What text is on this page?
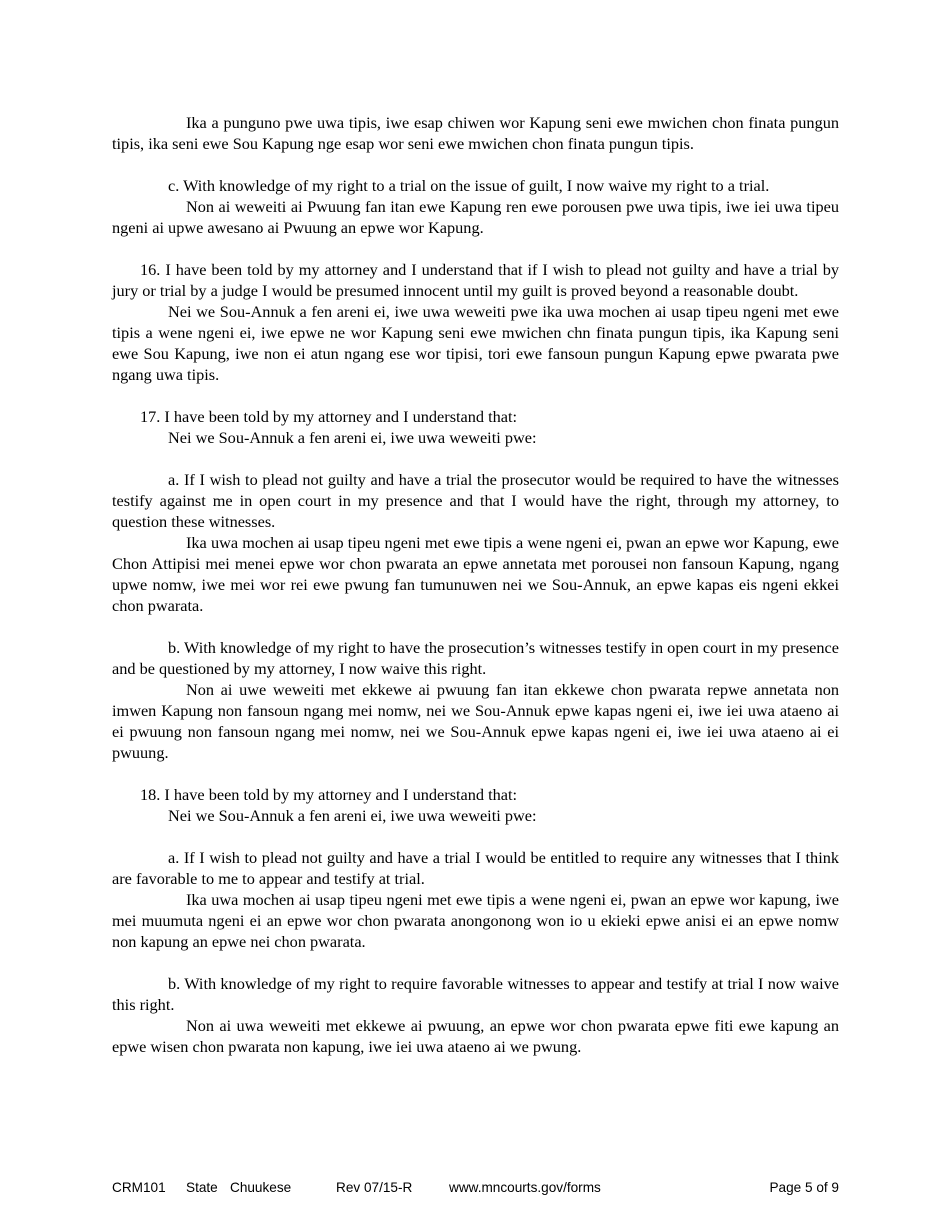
Ika a punguno pwe uwa tipis, iwe esap chiwen wor Kapung seni ewe mwichen chon finata pungun tipis, ika seni ewe Sou Kapung nge esap wor seni ewe mwichen chon finata pungun tipis.

c. With knowledge of my right to a trial on the issue of guilt, I now waive my right to a trial.

Non ai weweiti ai Pwuung fan itan ewe Kapung ren ewe porousen pwe uwa tipis, iwe iei uwa tipeu ngeni ai upwe awesano ai Pwuung an epwe wor Kapung.

16. I have been told by my attorney and I understand that if I wish to plead not guilty and have a trial by jury or trial by a judge I would be presumed innocent until my guilt is proved beyond a reasonable doubt.

Nei we Sou-Annuk a fen areni ei, iwe uwa weweiti pwe ika uwa mochen ai usap tipeu ngeni met ewe tipis a wene ngeni ei, iwe epwe ne wor Kapung seni ewe mwichen chn finata pungun tipis, ika Kapung seni ewe Sou Kapung, iwe non ei atun ngang ese wor tipisi, tori ewe fansoun pungun Kapung epwe pwarata pwe ngang uwa tipis.

17. I have been told by my attorney and I understand that:

Nei we Sou-Annuk a fen areni ei, iwe uwa weweiti pwe:

a. If I wish to plead not guilty and have a trial the prosecutor would be required to have the witnesses testify against me in open court in my presence and that I would have the right, through my attorney, to question these witnesses.

Ika uwa mochen ai usap tipeu ngeni met ewe tipis a wene ngeni ei, pwan an epwe wor Kapung, ewe Chon Attipisi mei menei epwe wor chon pwarata an epwe annetata met porousei non fansoun Kapung, ngang upwe nomw, iwe mei wor rei ewe pwung fan tumunuwen nei we Sou-Annuk, an epwe kapas eis ngeni ekkei chon pwarata.

b. With knowledge of my right to have the prosecution’s witnesses testify in open court in my presence and be questioned by my attorney, I now waive this right.

Non ai uwe weweiti met ekkewe ai pwuung fan itan ekkewe chon pwarata repwe annetata non imwen Kapung non fansoun ngang mei nomw, nei we Sou-Annuk epwe kapas ngeni ei, iwe iei uwa ataeno ai ei pwuung non fansoun ngang mei nomw, nei we Sou-Annuk epwe kapas ngeni ei, iwe iei uwa ataeno ai ei pwuung.

18. I have been told by my attorney and I understand that:

Nei we Sou-Annuk a fen areni ei, iwe uwa weweiti pwe:

a. If I wish to plead not guilty and have a trial I would be entitled to require any witnesses that I think are favorable to me to appear and testify at trial.

Ika uwa mochen ai usap tipeu ngeni met ewe tipis a wene ngeni ei, pwan an epwe wor kapung, iwe mei muumuta ngeni ei an epwe wor chon pwarata anongonong won io u ekieki epwe anisi ei an epwe nomw non kapung an epwe nei chon pwarata.

b. With knowledge of my right to require favorable witnesses to appear and testify at trial I now waive this right.

Non ai uwa weweiti met ekkewe ai pwuung, an epwe wor chon pwarata epwe fiti ewe kapung an epwe wisen chon pwarata non kapung, iwe iei uwa ataeno ai we pwung.

CRM101 State Chuukese	Rev 07/15-R	www.mncourts.gov/forms	Page 5 of 9
